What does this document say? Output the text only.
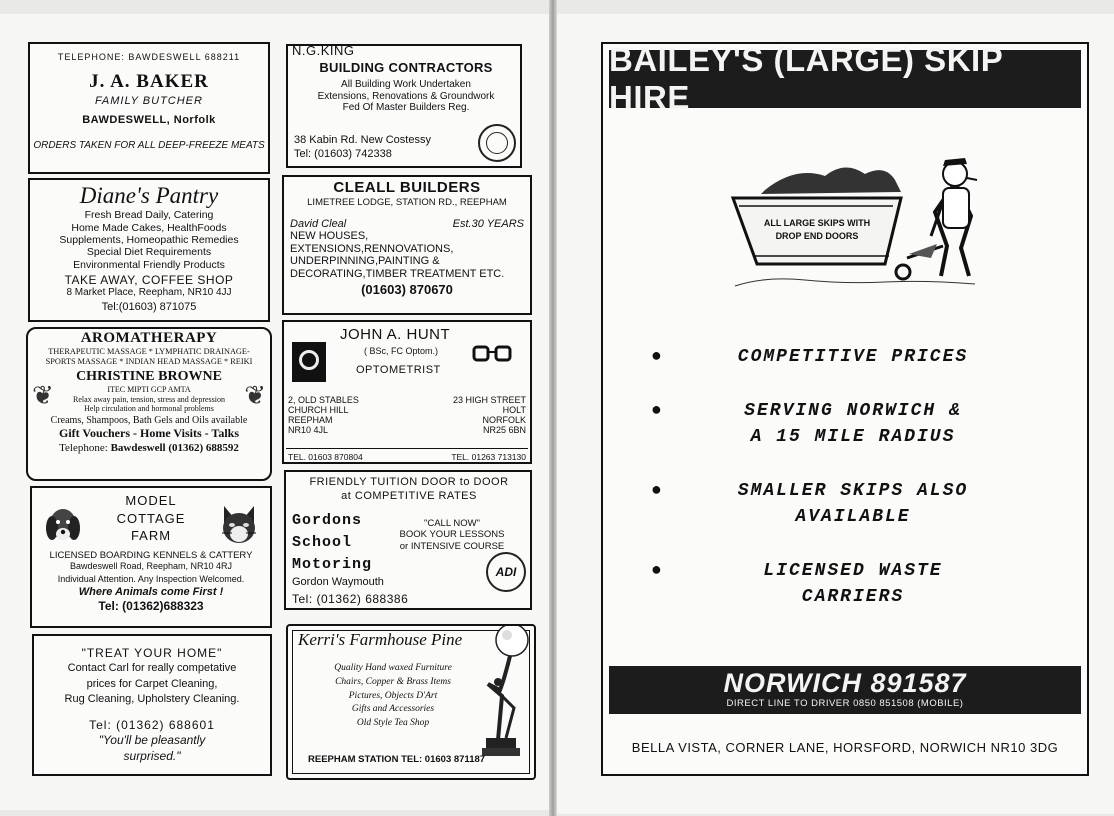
TELEPHONE: BAWDESWELL 688211
J. A. BAKER
FAMILY BUTCHER
BAWDESWELL, Norfolk
ORDERS TAKEN FOR ALL DEEP-FREEZE MEATS
Diane's Pantry
Fresh Bread Daily, Catering
Home Made Cakes, HealthFoods
Supplements, Homeopathic Remedies
Special Diet Requirements
Environmental Friendly Products
TAKE AWAY, COFFEE SHOP
8 Market Place, Reepham, NR10 4JJ
Tel:(01603) 871075
AROMATHERAPY
THERAPEUTIC MASSAGE * LYMPHATIC DRAINAGE-
SPORTS MASSAGE * INDIAN HEAD MASSAGE * REIKI
CHRISTINE BROWNE
ITEC MIPTI GCP AMTA
Relax away pain, tension, stress and depression
Help circulation and hormonal problems
Creams, Shampoos, Bath Gels and Oils available
Gift Vouchers - Home Visits - Talks
Telephone: Bawdeswell (01362) 688592
❦	❦
MODEL
COTTAGE
FARM
LICENSED BOARDING KENNELS & CATTERY
Bawdeswell Road, Reepham, NR10 4RJ
Individual Attention. Any Inspection Welcomed.
Where Animals come First !
Tel: (01362)688323
"TREAT YOUR HOME"
Contact Carl for really competative
prices for Carpet Cleaning,
Rug Cleaning, Upholstery Cleaning.
Tel: (01362) 688601
"You'll be pleasantly
surprised."
N.G.KING
BUILDING CONTRACTORS
All Building Work Undertaken
Extensions, Renovations & Groundwork
Fed Of Master Builders Reg.
38 Kabin Rd. New Costessy
Tel: (01603) 742338
CLEALL BUILDERS
LIMETREE LODGE, STATION RD., REEPHAM
David Cleal	Est.30 YEARS
NEW HOUSES,
EXTENSIONS,RENNOVATIONS,
UNDERPINNING,PAINTING &
DECORATING,TIMBER TREATMENT ETC.
(01603) 870670
JOHN A. HUNT
( BSc, FC Optom.)
OPTOMETRIST
2, OLD STABLES
CHURCH HILL
REEPHAM
NR10 4JL
23 HIGH STREET
HOLT
NORFOLK
NR25 6BN
TEL. 01603 870804	TEL. 01263 713130
FRIENDLY TUITION DOOR to DOOR
at COMPETITIVE RATES
Gordons
School
Motoring
"CALL NOW"
BOOK YOUR LESSONS
or INTENSIVE COURSE
ADI
Gordon Waymouth
Tel: (01362) 688386
Kerri's Farmhouse Pine
Quality Hand waxed Furniture
Chairs, Copper & Brass Items
Pictures, Objects D'Art
Gifts and Accessories
Old Style Tea Shop
REEPHAM STATION TEL: 01603 871187
BAILEY'S (LARGE) SKIP HIRE
ALL LARGE SKIPS WITH
DROP END DOORS
●	COMPETITIVE PRICES
●	SERVING NORWICH &
A 15 MILE RADIUS
●	SMALLER SKIPS ALSO
AVAILABLE
●	LICENSED WASTE
CARRIERS
NORWICH 891587
DIRECT LINE TO DRIVER 0850 851508 (MOBILE)
BELLA VISTA, CORNER LANE, HORSFORD, NORWICH NR10 3DG
